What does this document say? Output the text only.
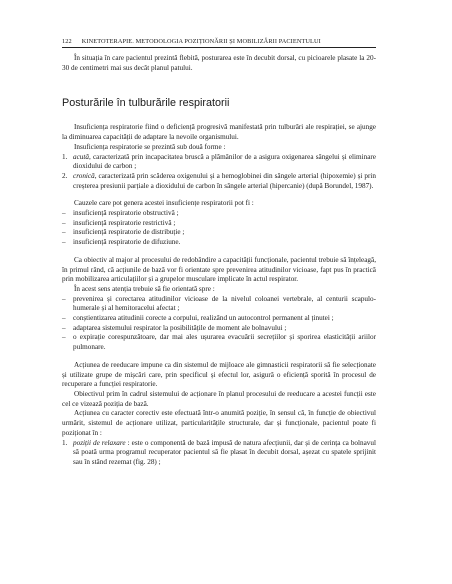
122 KINETOTERAPIE. METODOLOGIA POZIȚIONĂRII ȘI MOBILIZĂRII PACIENTULUI

În situația în care pacientul prezintă flebită, posturarea este în decubit dorsal, cu picioarele plasate la 20-30 de centimetri mai sus decât planul patului.

Posturările în tulburările respiratorii

Insuficiența respiratorie fiind o deficiență progresivă manifestată prin tulburări ale respirației, se ajunge la diminuarea capacității de adaptare la nevoile organismului.

Insuficiența respiratorie se prezintă sub două forme :

1. acută, caracterizată prin incapacitatea bruscă a plămânilor de a asigura oxigenarea sângelui și eliminare dioxidului de carbon ;
2. cronică, caracterizată prin scăderea oxigenului și a hemoglobinei din sângele arterial (hipoxemie) și prin creșterea presiunii parțiale a dioxidului de carbon în sângele arterial (hipercanie) (după Borundel, 1987).

Cauzele care pot genera acestei insuficiențe respiratorii pot fi :

–	insuficiență respiratorie obstructivă ;
–	insuficiență respiratorie restrictivă ;
–	insuficiență respiratorie de distribuție ;
–	insuficiență respiratorie de difuziune.

Ca obiectiv al major al procesului de redobândire a capacității funcționale, pacientul trebuie să înțeleagă, în primul rând, că acțiunile de bază vor fi orientate spre prevenirea atitudinilor vicioase, fapt pus în practică prin mobilizarea articulațiilor și a grupelor musculare implicate în actul respirator.

În acest sens atenția trebuie să fie orientată spre :

–	prevenirea și corectarea atitudinilor vicioase de la nivelul coloanei vertebrale, al centurii scapulo-humerale și al hemitoracelui afectat ;
–	conștientizarea atitudinii corecte a corpului, realizând un autocontrol permanent al ținutei ;
–	adaptarea sistemului respirator la posibilitățile de moment ale bolnavului ;
–	o expirație corespunzătoare, dar mai ales ușurarea evacuării secrețiilor și sporirea elasticității ariilor pulmonare.

Acțiunea de reeducare impune ca din sistemul de mijloace ale gimnasticii respiratorii să fie selecționate și utilizate grupe de mișcări care, prin specificul și efectul lor, asigură o eficiență sporită în procesul de recuperare a funcției respiratorie.

Obiectivul prim în cadrul sistemului de acționare în planul procesului de reeducare a acestei funcții este cel ce vizează poziția de bază.

Acțiunea cu caracter corectiv este efectuată într-o anumită poziție, în sensul că, în funcție de obiectivul urmărit, sistemul de acționare utilizat, particularitățile structurale, dar și funcționale, pacientul poate fi poziționat în :

1. poziții de relaxare : este o componentă de bază impusă de natura afecțiunii, dar și de cerința ca bolnavul să poată urma programul recuperator pacientul să fie plasat în decubit dorsal, așezat cu spatele sprijinit sau în stând rezemat (fig. 28) ;
